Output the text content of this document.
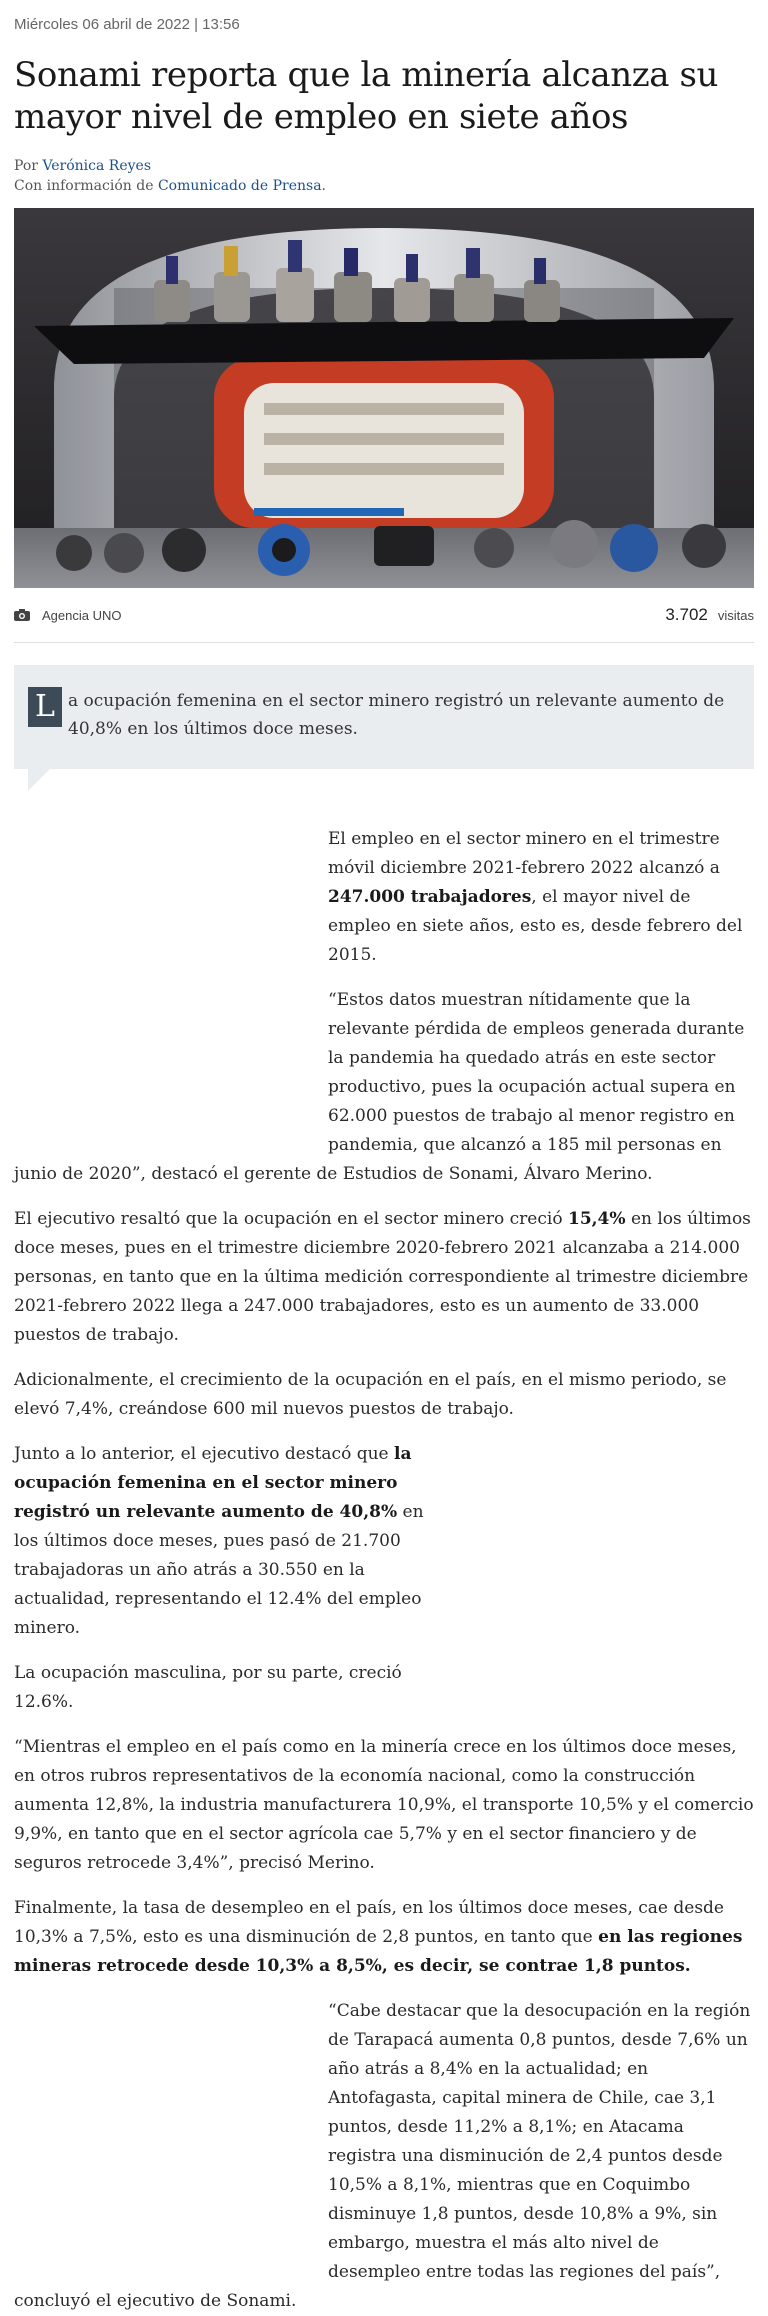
Miércoles 06 abril de 2022 | 13:56
Sonami reporta que la minería alcanza su mayor nivel de empleo en siete años
Por Verónica Reyes
Con información de Comunicado de Prensa.
Agencia UNO	3.702 visitas
L a ocupación femenina en el sector minero registró un relevante aumento de 40,8% en los últimos doce meses.

El empleo en el sector minero en el trimestre móvil diciembre 2021-febrero 2022 alcanzó a 247.000 trabajadores, el mayor nivel de empleo en siete años, esto es, desde febrero del 2015.

“Estos datos muestran nítidamente que la relevante pérdida de empleos generada durante la pandemia ha quedado atrás en este sector productivo, pues la ocupación actual supera en 62.000 puestos de trabajo al menor registro en pandemia, que alcanzó a 185 mil personas en junio de 2020”, destacó el gerente de Estudios de Sonami, Álvaro Merino.

El ejecutivo resaltó que la ocupación en el sector minero creció 15,4% en los últimos doce meses, pues en el trimestre diciembre 2020-febrero 2021 alcanzaba a 214.000 personas, en tanto que en la última medición correspondiente al trimestre diciembre 2021-febrero 2022 llega a 247.000 trabajadores, esto es un aumento de 33.000 puestos de trabajo.

Adicionalmente, el crecimiento de la ocupación en el país, en el mismo periodo, se elevó 7,4%, creándose 600 mil nuevos puestos de trabajo.

Junto a lo anterior, el ejecutivo destacó que la ocupación femenina en el sector minero registró un relevante aumento de 40,8% en los últimos doce meses, pues pasó de 21.700 trabajadoras un año atrás a 30.550 en la actualidad, representando el 12.4% del empleo minero.

La ocupación masculina, por su parte, creció 12.6%.

“Mientras el empleo en el país como en la minería crece en los últimos doce meses, en otros rubros representativos de la economía nacional, como la construcción aumenta 12,8%, la industria manufacturera 10,9%, el transporte 10,5% y el comercio 9,9%, en tanto que en el sector agrícola cae 5,7% y en el sector financiero y de seguros retrocede 3,4%”, precisó Merino.

Finalmente, la tasa de desempleo en el país, en los últimos doce meses, cae desde 10,3% a 7,5%, esto es una disminución de 2,8 puntos, en tanto que en las regiones mineras retrocede desde 10,3% a 8,5%, es decir, se contrae 1,8 puntos.

“Cabe destacar que la desocupación en la región de Tarapacá aumenta 0,8 puntos, desde 7,6% un año atrás a 8,4% en la actualidad; en Antofagasta, capital minera de Chile, cae 3,1 puntos, desde 11,2% a 8,1%; en Atacama registra una disminución de 2,4 puntos desde 10,5% a 8,1%, mientras que en Coquimbo disminuye 1,8 puntos, desde 10,8% a 9%, sin embargo, muestra el más alto nivel de desempleo entre todas las regiones del país”, concluyó el ejecutivo de Sonami.
